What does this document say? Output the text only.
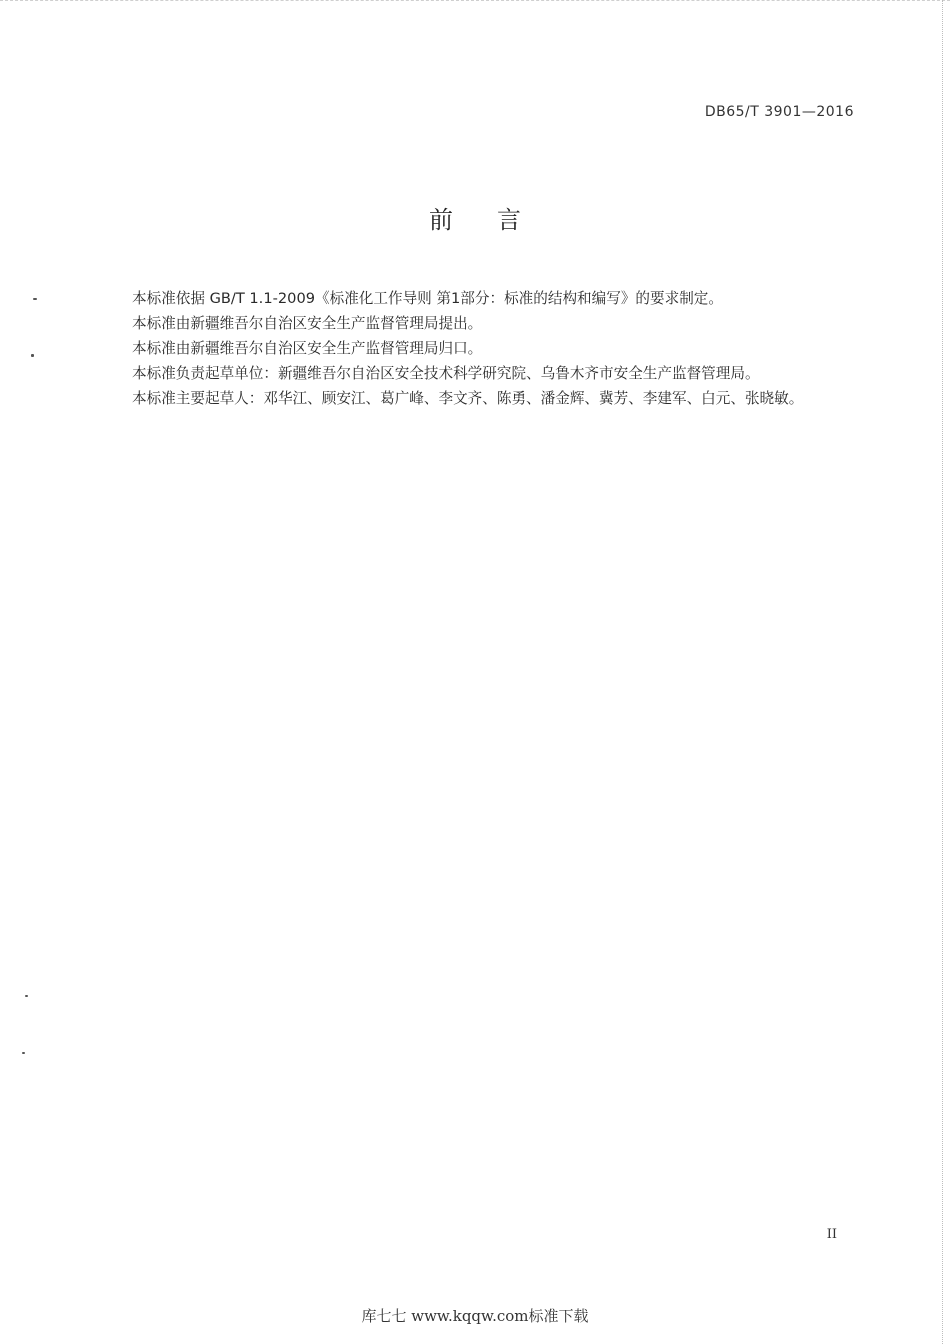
DB65/T 3901—2016
前言

本标准依据 GB/T 1.1-2009《标准化工作导则 第1部分：标准的结构和编写》的要求制定。

本标准由新疆维吾尔自治区安全生产监督管理局提出。

本标准由新疆维吾尔自治区安全生产监督管理局归口。

本标准负责起草单位：新疆维吾尔自治区安全技术科学研究院、乌鲁木齐市安全生产监督管理局。

本标准主要起草人：邓华江、顾安江、葛广峰、李文齐、陈勇、潘金辉、冀芳、李建军、白元、张晓敏。

II
库七七 www.kqqw.com标准下载
